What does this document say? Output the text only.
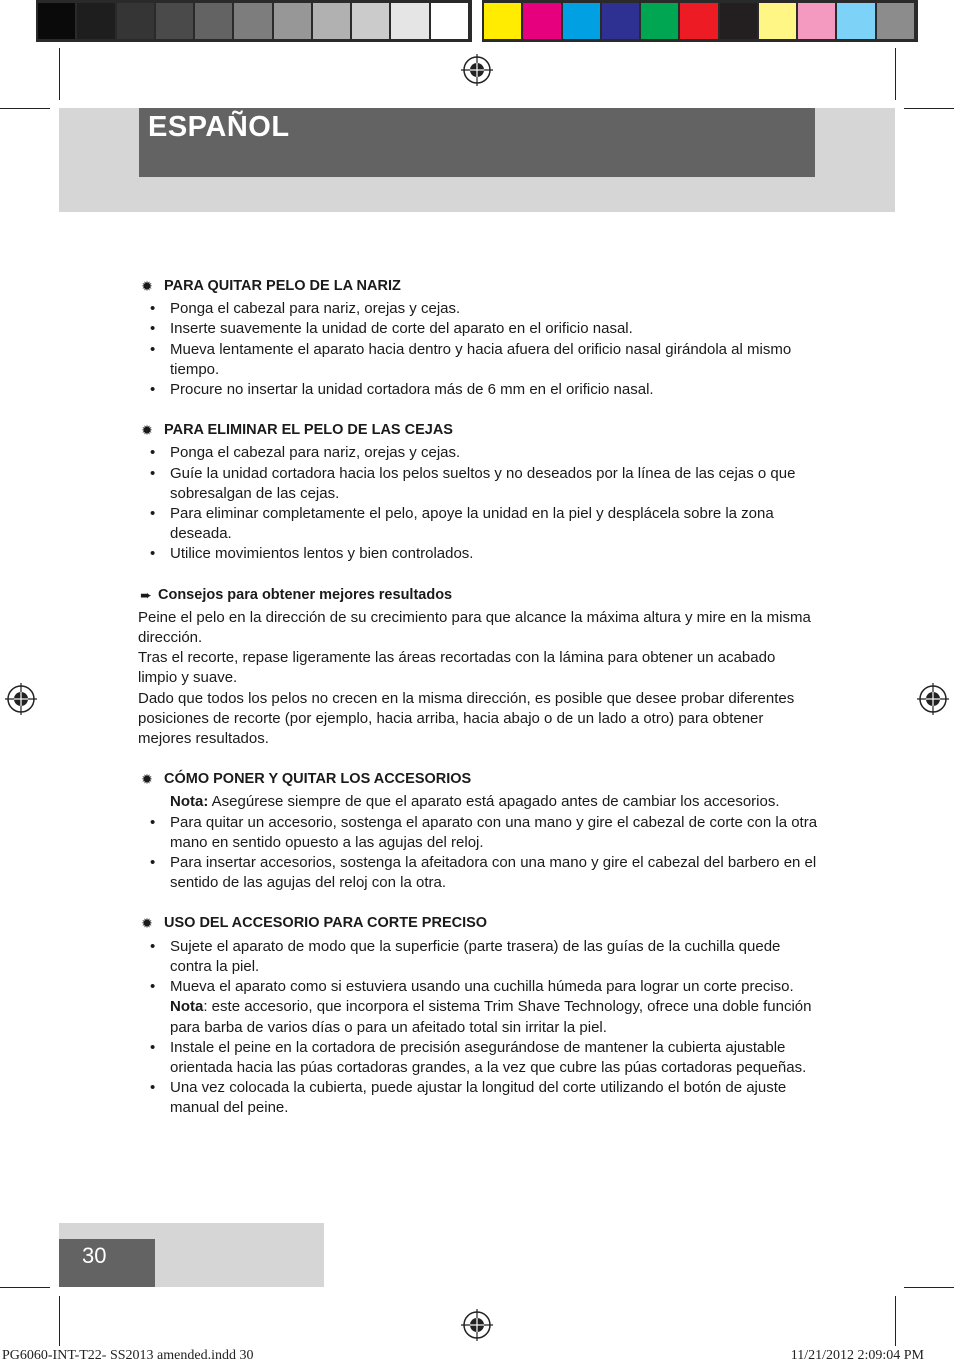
ESPAÑOL
✹ PARA QUITAR PELO DE LA NARIZ
• Ponga el cabezal para nariz, orejas y cejas.
• Inserte suavemente la unidad de corte del aparato en el orificio nasal.
• Mueva lentamente el aparato hacia dentro y hacia afuera del orificio nasal girándola al mismo tiempo.
• Procure no insertar la unidad cortadora más de 6 mm en el orificio nasal.
✹ PARA ELIMINAR EL PELO DE LAS CEJAS
• Ponga el cabezal para nariz, orejas y cejas.
• Guíe la unidad cortadora hacia los pelos sueltos y no deseados por la línea de las cejas o que sobresalgan de las cejas.
• Para eliminar completamente el pelo, apoye la unidad en la piel y desplácela sobre la zona deseada.
• Utilice movimientos lentos y bien controlados.
➨ Consejos para obtener mejores resultados

Peine el pelo en la dirección de su crecimiento para que alcance la máxima altura y mire en la misma dirección.

Tras el recorte, repase ligeramente las áreas recortadas con la lámina para obtener un acabado limpio y suave.

Dado que todos los pelos no crecen en la misma dirección, es posible que desee probar diferentes posiciones de recorte (por ejemplo, hacia arriba, hacia abajo o de un lado a otro) para obtener mejores resultados.

✹ CÓMO PONER Y QUITAR LOS ACCESORIOS
Nota: Asegúrese siempre de que el aparato está apagado antes de cambiar los accesorios.
• Para quitar un accesorio, sostenga el aparato con una mano y gire el cabezal de corte con la otra mano en sentido opuesto a las agujas del reloj.
• Para insertar accesorios, sostenga la afeitadora con una mano y gire el cabezal del barbero en el sentido de las agujas del reloj con la otra.
✹ USO DEL ACCESORIO PARA CORTE PRECISO
• Sujete el aparato de modo que la superficie (parte trasera) de las guías de la cuchilla quede contra la piel.
• Mueva el aparato como si estuviera usando una cuchilla húmeda para lograr un corte preciso.
Nota: este accesorio, que incorpora el sistema Trim Shave Technology, ofrece una doble función para barba de varios días o para un afeitado total sin irritar la piel.
• Instale el peine en la cortadora de precisión asegurándose de mantener la cubierta ajustable orientada hacia las púas cortadoras grandes, a la vez que cubre las púas cortadoras pequeñas.
• Una vez colocada la cubierta, puede ajustar la longitud del corte utilizando el botón de ajuste manual del peine.
30
PG6060-INT-T22- SS2013 amended.indd 30	11/21/2012 2:09:04 PM
